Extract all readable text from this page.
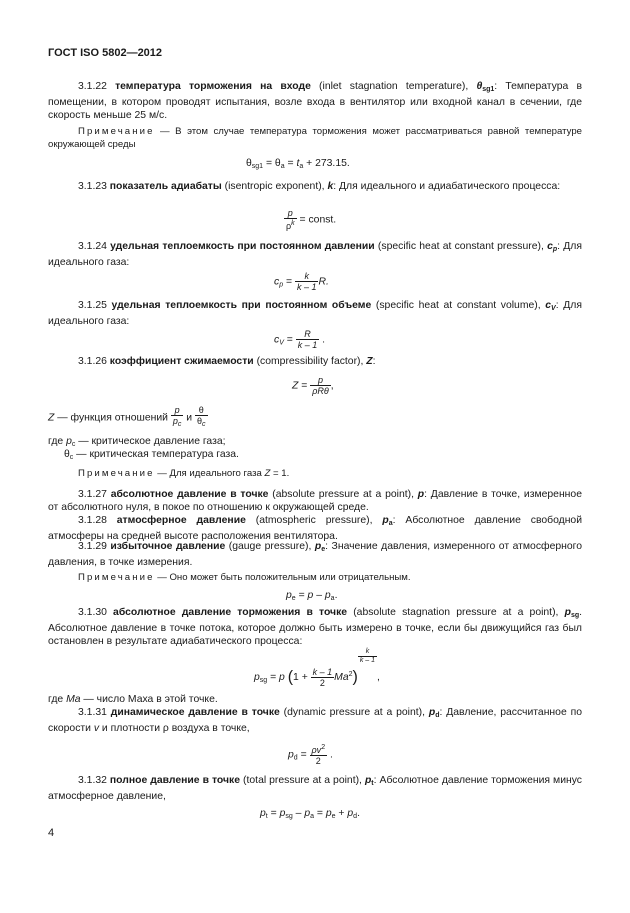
ГОСТ ISO 5802—2012

3.1.22 температура торможения на входе (inlet stagnation temperature), $\theta_{sg1}$: Температура в помещении, в котором проводят испытания, возле входа в вентилятор или входной канал в сечении, где скорость меньше 25 м/с.

Примечание — В этом случае температура торможения может рассматриваться равной температуре окружающей среды

$\theta_{sg1} = \theta_a = t_a + 273.15$.

3.1.23 показатель адиабаты (isentropic exponent), k: Для идеального и адиабатического процесса:

$\frac{p}{\rho^k}$ = const.

3.1.24 удельная теплоемкость при постоянном давлении (specific heat at constant pressure), $c_p$: Для идеального газа:

$c_p = \frac{k}{k - 1} R$.

3.1.25 удельная теплоемкость при постоянном объеме (specific heat at constant volume), $c_V$: Для идеального газа:

$c_V = \frac{R}{k - 1}$ .

3.1.26 коэффициент сжимаемости (compressibility factor), Z:

Z =
p
ρRθ ,
Z — функция отношений $\frac{p}{p_c}$ и $\frac{\theta}{\theta_c}$

где $p_c$ — критическое давление газа;

$\theta_c$ — критическая температура газа.

Примечание — Для идеального газа Z = 1.

3.1.27 абсолютное давление в точке (absolute pressure at a point), p: Давление в точке, измеренное от абсолютного нуля, в покое по отношению к окружающей среде.

3.1.28 атмосферное давление (atmospheric pressure), $p_a$: Абсолютное давление свободной атмосферы на средней высоте расположения вентилятора.

3.1.29 избыточное давление (gauge pressure), $p_e$: Значение давления, измеренного от атмосферного давления, в точке измерения.

Примечание — Оно может быть положительным или отрицательным.

$p_e = p - p_a$.

3.1.30 абсолютное давление торможения в точке (absolute stagnation pressure at a point), $p_{sg}$. Абсолютное давление в точке потока, которое должно быть измерено в точке, если бы движущийся газ был остановлен в результате адиабатического процесса:

$p_{sg} = p$ $(1 + \frac{k - 1}{2} Ma^2)$
$\frac{k}{k - 1}$
,

где Ma — число Маха в этой точке.

3.1.31 динамическое давление в точке (dynamic pressure at a point), $p_d$: Давление, рассчитанное по скорости v и плотности ρ воздуха в точке,

$p_d = \frac{\rho v^2}{2}$ .

3.1.32 полное давление в точке (total pressure at a point), $p_t$: Абсолютное давление торможения минус атмосферное давление,

$p_t = p_{sg} - p_a = p_e + p_d$.
4
